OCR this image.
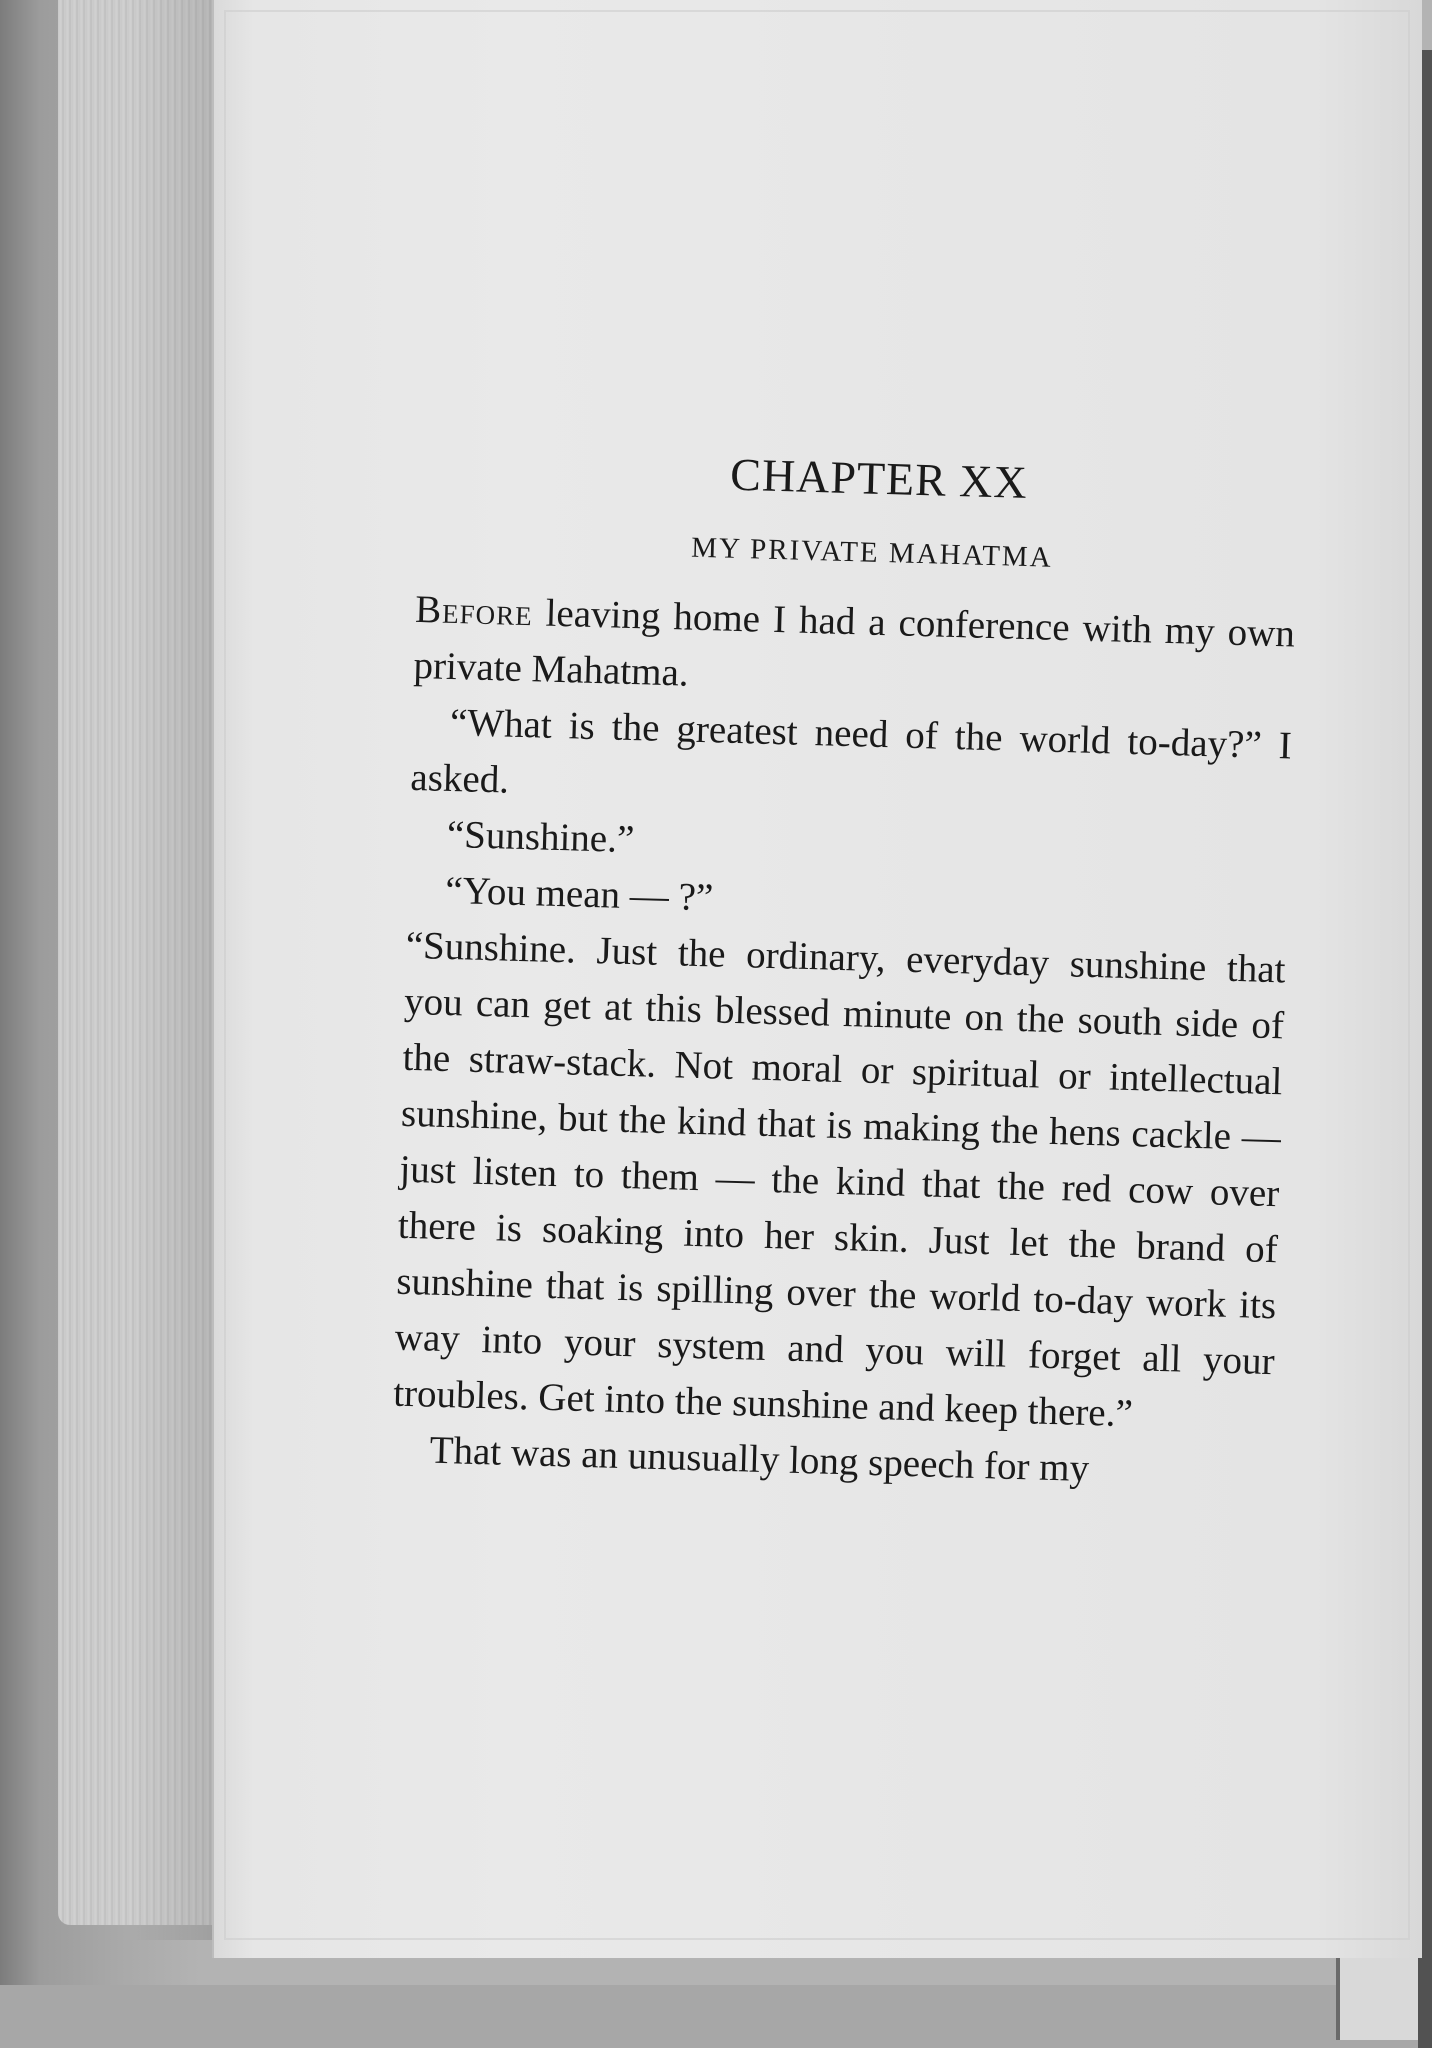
CHAPTER XX
MY PRIVATE MAHATMA

Before leaving home I had a conference with my own private Mahatma.

“What is the greatest need of the world to-day?” I asked.

“Sunshine.”

“You mean — ?”

“Sunshine. Just the ordinary, everyday sunshine that you can get at this blessed minute on the south side of the straw-stack. Not moral or spiritual or intellectual sunshine, but the kind that is making the hens cackle — just listen to them — the kind that the red cow over there is soaking into her skin. Just let the brand of sunshine that is spilling over the world to-day work its way into your system and you will forget all your troubles. Get into the sunshine and keep there.”

That was an unusually long speech for my
